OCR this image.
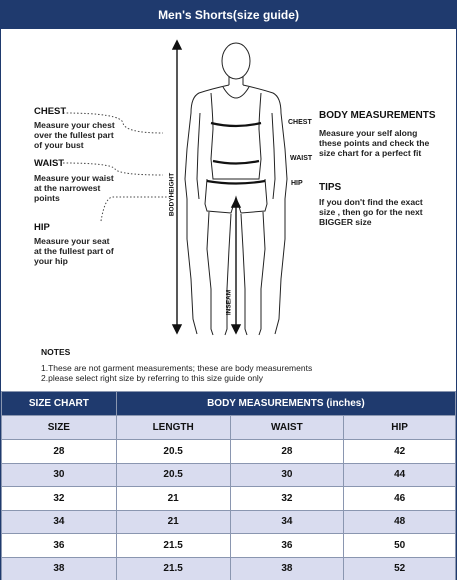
Men's Shorts(size guide)
CHEST
Measure your chest
over the fullest part
of your bust
WAIST
Measure your waist
at the narrowest
points
HIP
Measure your seat
at the fullest part of
your hip
CHEST
WAIST
HIP
BODYHEIGHT
INSEAM
BODY MEASUREMENTS
Measure your self along
these points and check the
size chart for a perfect fit
TIPS
If you don't find the exact
size , then go for the next
BIGGER size
NOTES
1.These are not garment measurements; these are body measurements
2.please select right size by referring to this size guide only
SIZE CHART	BODY MEASUREMENTS (inches)		
SIZE	LENGTH	WAIST	HIP
28	20.5	28	42
30	20.5	30	44
32	21	32	46
34	21	34	48
36	21.5	36	50
38	21.5	38	52
